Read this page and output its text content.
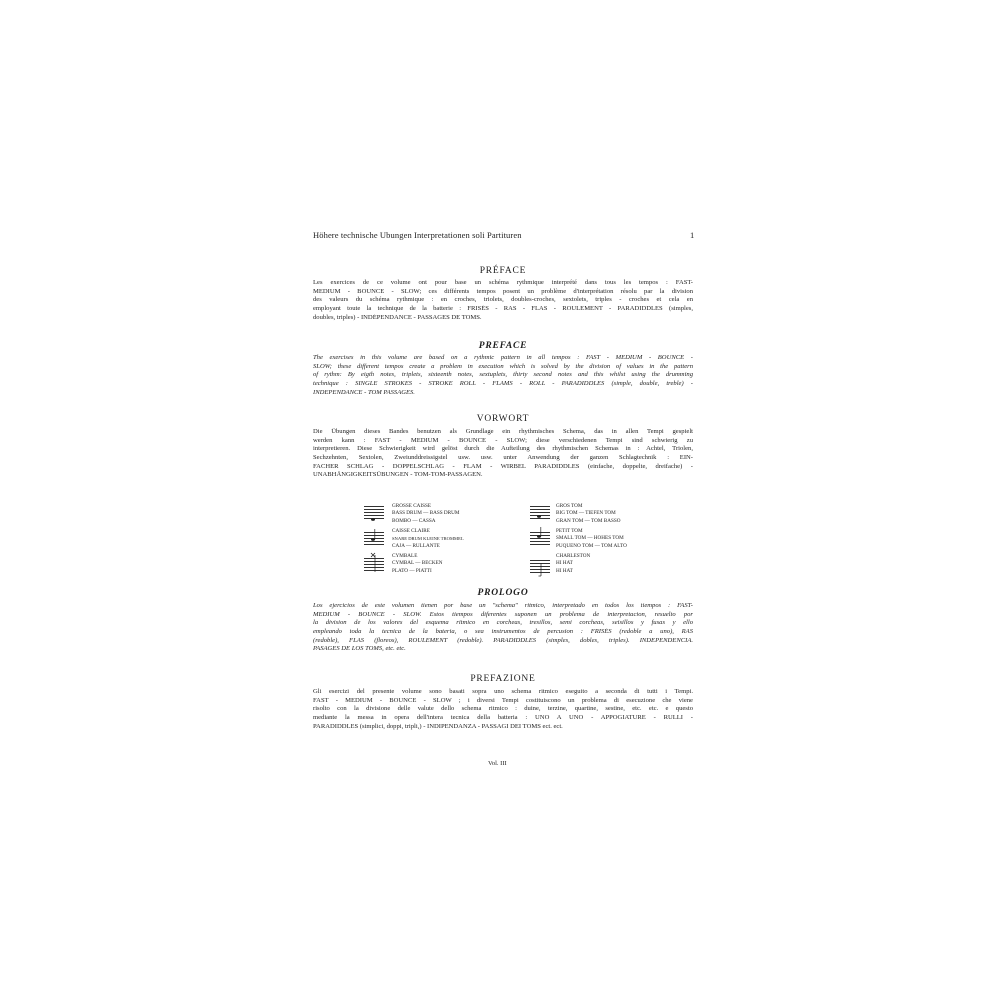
Höhere technische Ubungen Interpretationen soli Partituren	1
PRÉFACE
Les exercices de ce volume ont pour base un schéma rythmique interprété dans tous les tempos : FAST-
MEDIUM - BOUNCE - SLOW; ces différents tempos posent un problème d'interprétation résolu par la division
des valeurs du schéma rythmique : en croches, triolets, doubles-croches, sextolets, triples - croches et cela en
employant toute la technique de la batterie : FRISÉS - RAS - FLAS - ROULEMENT - PARADIDDLES (simples,
doubles, triples) - INDÉPENDANCE - PASSAGES DE TOMS.
PREFACE
The exercises in this volume are based on a rythmic pattern in all tempos : FAST - MEDIUM - BOUNCE -
SLOW; these different tempos create a problem in execution which is solved by the division of values in the pattern
of rythm: By eigth notes, triplets, sixteenth notes, sextuplets, thirty second notes and this whilst using the drumming
technique : SINGLE STROKES - STROKE ROLL - FLAMS - ROLL - PARADIDDLES (simple, double, treble) -
INDEPENDANCE - TOM PASSAGES.
VORWORT
Die Übungen dieses Bandes benutzen als Grundlage ein rhythmisches Schema, das in allen Tempi gespielt
werden kann : FAST - MEDIUM - BOUNCE - SLOW; diese verschiedenen Tempi sind schwierig zu
interpretieren. Diese Schwierigkeit wird gelöst durch die Aufteilung des rhythmischen Schemas in : Achtel, Triolen,
Sechzehnten, Sextolen, Zweiunddreissigstel usw. usw. unter Anwendung der ganzen Schlagtechnik : EIN-
FACHER SCHLAG - DOPPELSCHLAG - FLAM - WIRBEL PARADIDDLES (einfache, doppelte, dreifache) -
UNABHÄNGIGKEITSÜBUNGEN - TOM-TOM-PASSAGEN.
GROSSE CAISSE
BASS DRUM — BASS DRUM
BOMBO — CASSA
CAISSE CLAIRE
SNARE DRUM KLEINE TROMMEL
CAJA — RULLANTE
CYMBALE
CYMBAL — BECKEN
PLATO — PIATTI
GROS TOM
BIG TOM — TIEFEN TOM
GRAN TOM — TOM BASSO
PETIT TOM
SMALL TOM — HOHES TOM
PUQUENO TOM — TOM ALTO
CHARLESTON
HI HAT
HI HAT
PROLOGO
Los ejercicios de este volumen tienen por base un "schema" ritmico, interpretado en todos los tiempos : FAST-
MEDIUM - BOUNCE - SLOW. Estos tiempos diferentes suponen un problema de interpretacion, resuelto por
la division de los valores del esquema ritmico en corcheas, tresillos, semi corcheas, seisillos y fusas y ello
empleando toda la tecnica de la bateria, o sea instrumentos de percusion : FRISÉS (redoble a uno), RAS
(redoble), FLAS (floreos), ROULEMENT (redoble). PARADIDDLES (simples, dobles, triples). INDEPENDENCIA.
PASAGES DE LOS TOMS, etc. etc.
PREFAZIONE
Gli esercizi del presente volume sono basati sopra uno schema ritmico eseguito a seconda di tutti i Tempi.
FAST - MEDIUM - BOUNCE - SLOW ; i diversi Tempi costituiscono un problema di esecuzione che viene
risolto con la divisione delle valute dello schema ritmico : duine, terzine, quartine, sestine, etc. etc. e questo
mediante la messa in opera dell'intera tecnica della batteria : UNO A UNO - APPOGIATURE - RULLI -
PARADIDDLES (simplici, doppi, tripli,) - INDIPENDANZA - PASSAGI DEI TOMS ect. ect.
Vol. III
